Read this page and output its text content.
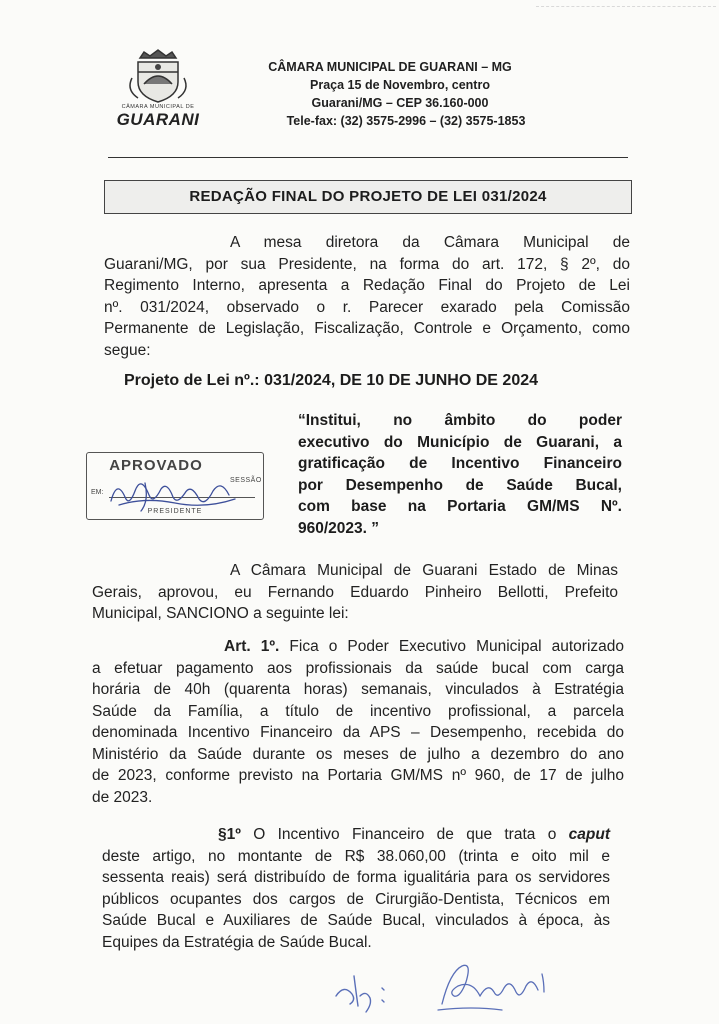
CÂMARA MUNICIPAL DE
GUARANI
CÂMARA MUNICIPAL DE GUARANI – MG
Praça 15 de Novembro, centro
Guarani/MG – CEP 36.160-000
Tele-fax: (32) 3575-2996 – (32) 3575-1853
REDAÇÃO FINAL DO PROJETO DE LEI 031/2024
A mesa diretora da Câmara Municipal de
Guarani/MG, por sua Presidente, na forma do art. 172, § 2º, do
Regimento Interno, apresenta a Redação Final do Projeto de Lei
nº. 031/2024, observado o r. Parecer exarado pela Comissão
Permanente de Legislação, Fiscalização, Controle e Orçamento, como
segue:
Projeto de Lei nº.: 031/2024, DE 10 DE JUNHO DE 2024
“Institui, no âmbito do poder
executivo do Município de Guarani, a
gratificação de Incentivo Financeiro
por Desempenho de Saúde Bucal,
com base na Portaria GM/MS Nº.
960/2023. ”
APROVADO
SESSÃO
EM:
PRESIDENTE
A Câmara Municipal de Guarani Estado de Minas
Gerais, aprovou, eu Fernando Eduardo Pinheiro Bellotti, Prefeito
Municipal, SANCIONO a seguinte lei:
Art. 1º. Fica o Poder Executivo Municipal autorizado
a efetuar pagamento aos profissionais da saúde bucal com carga
horária de 40h (quarenta horas) semanais, vinculados à Estratégia
Saúde da Família, a título de incentivo profissional, a parcela
denominada Incentivo Financeiro da APS – Desempenho, recebida do
Ministério da Saúde durante os meses de julho a dezembro do ano
de 2023, conforme previsto na Portaria GM/MS nº 960, de 17 de julho
de 2023.
§1º O Incentivo Financeiro de que trata o caput
deste artigo, no montante de R$ 38.060,00 (trinta e oito mil e
sessenta reais) será distribuído de forma igualitária para os servidores
públicos ocupantes dos cargos de Cirurgião-Dentista, Técnicos em
Saúde Bucal e Auxiliares de Saúde Bucal, vinculados à época, às
Equipes da Estratégia de Saúde Bucal.
